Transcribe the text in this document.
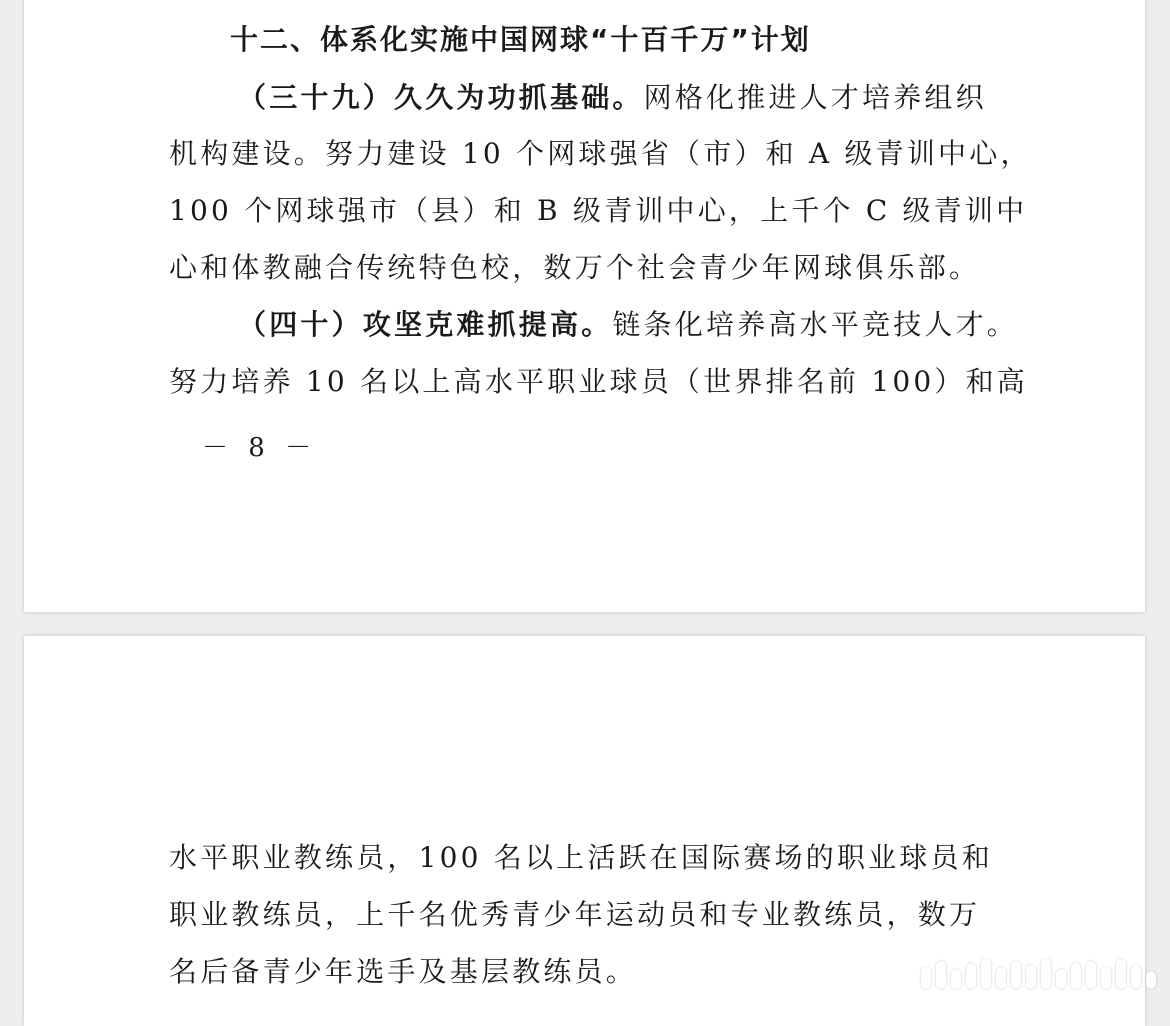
十二、体系化实施中国网球“十百千万”计划
（三十九）久久为功抓基础。网格化推进人才培养组织
机构建设。努力建设 10 个网球强省（市）和 A 级青训中心，
100 个网球强市（县）和 B 级青训中心，上千个 C 级青训中
心和体教融合传统特色校，数万个社会青少年网球俱乐部。
（四十）攻坚克难抓提高。链条化培养高水平竞技人才。
努力培养 10 名以上高水平职业球员（世界排名前 100）和高
－ 8 －
水平职业教练员，100 名以上活跃在国际赛场的职业球员和
职业教练员，上千名优秀青少年运动员和专业教练员，数万
名后备青少年选手及基层教练员。
